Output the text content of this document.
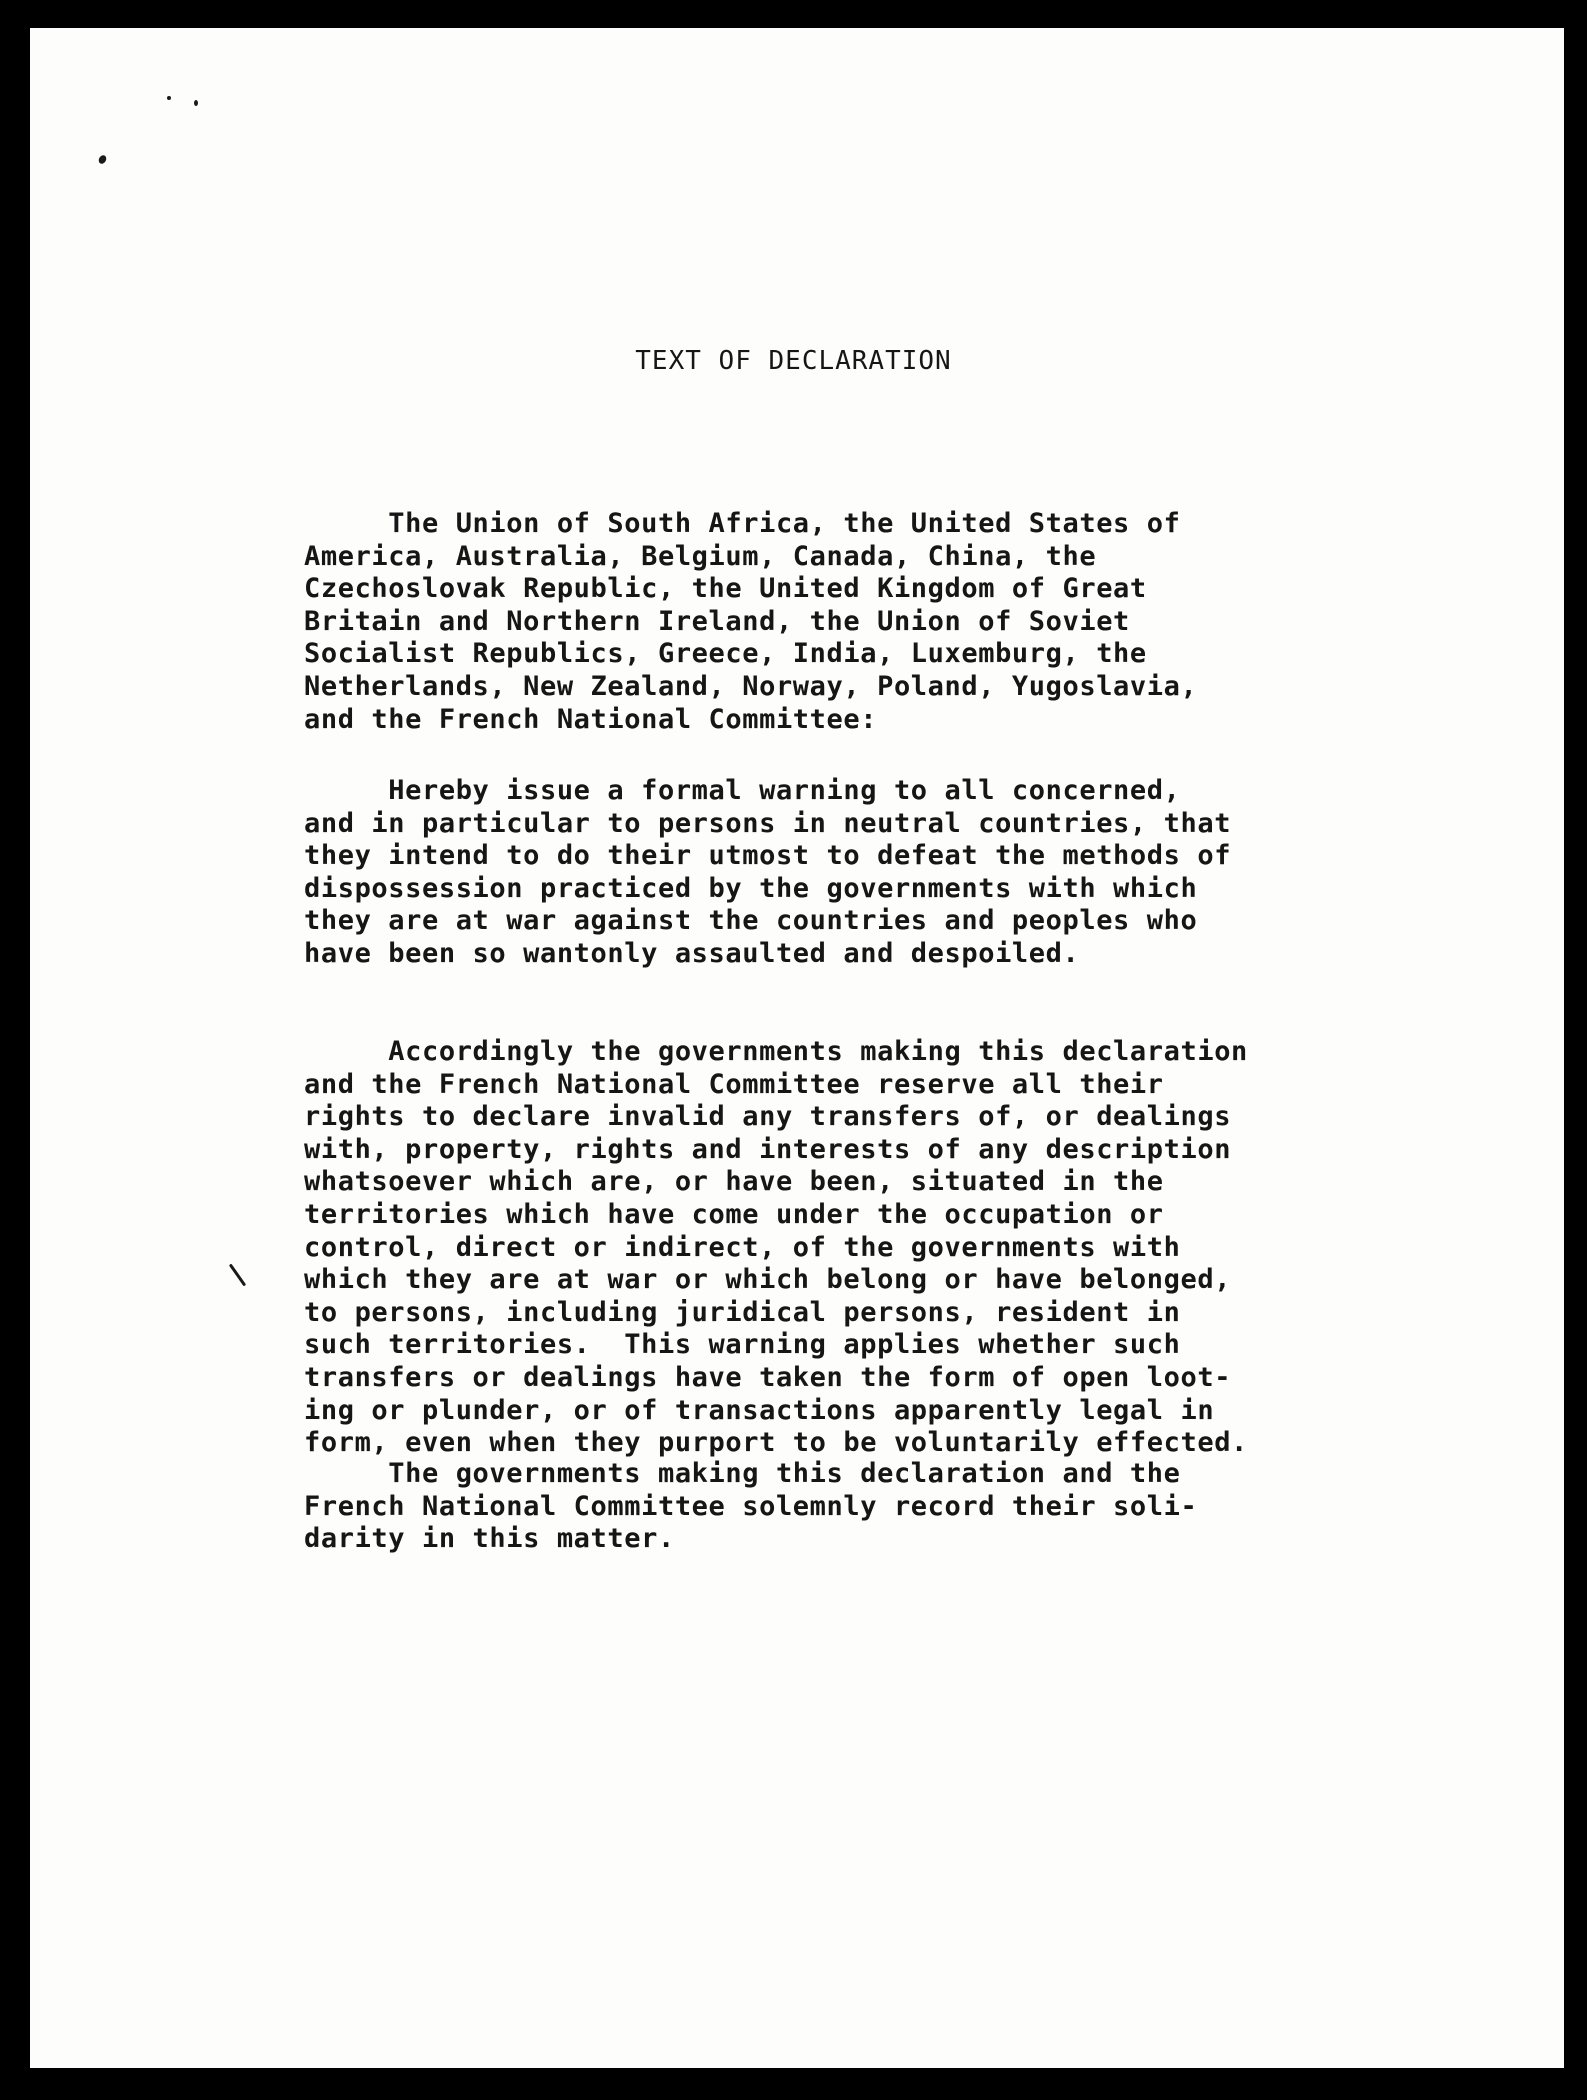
TEXT OF DECLARATION
The Union of South Africa, the United States of
America, Australia, Belgium, Canada, China, the
Czechoslovak Republic, the United Kingdom of Great
Britain and Northern Ireland, the Union of Soviet
Socialist Republics, Greece, India, Luxemburg, the
Netherlands, New Zealand, Norway, Poland, Yugoslavia,
and the French National Committee:
Hereby issue a formal warning to all concerned,
and in particular to persons in neutral countries, that
they intend to do their utmost to defeat the methods of
dispossession practiced by the governments with which
they are at war against the countries and peoples who
have been so wantonly assaulted and despoiled.
Accordingly the governments making this declaration
and the French National Committee reserve all their
rights to declare invalid any transfers of, or dealings
with, property, rights and interests of any description
whatsoever which are, or have been, situated in the
territories which have come under the occupation or
control, direct or indirect, of the governments with
which they are at war or which belong or have belonged,
to persons, including juridical persons, resident in
such territories.  This warning applies whether such
transfers or dealings have taken the form of open loot-
ing or plunder, or of transactions apparently legal in
form, even when they purport to be voluntarily effected.
The governments making this declaration and the
French National Committee solemnly record their soli-
darity in this matter.
